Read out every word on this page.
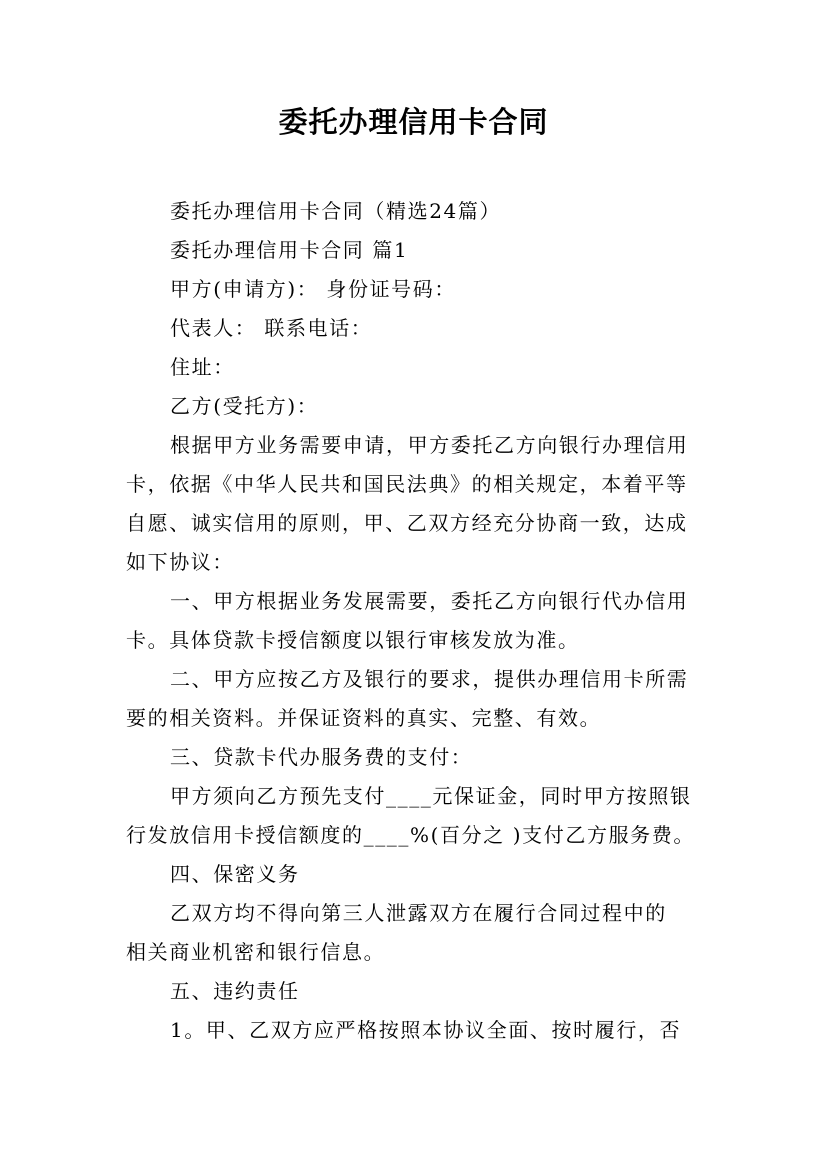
委托办理信用卡合同
委托办理信用卡合同（精选24篇）
委托办理信用卡合同 篇1
甲方(申请方)： 身份证号码：
代表人： 联系电话：
住址：
乙方(受托方)：
根据甲方业务需要申请，甲方委托乙方向银行办理信用
卡，依据《中华人民共和国民法典》的相关规定，本着平等
自愿、诚实信用的原则，甲、乙双方经充分协商一致，达成
如下协议：
一、甲方根据业务发展需要，委托乙方向银行代办信用
卡。具体贷款卡授信额度以银行审核发放为准。
二、甲方应按乙方及银行的要求，提供办理信用卡所需
要的相关资料。并保证资料的真实、完整、有效。
三、贷款卡代办服务费的支付：
甲方须向乙方预先支付____元保证金，同时甲方按照银
行发放信用卡授信额度的____%(百分之 )支付乙方服务费。
四、保密义务
乙双方均不得向第三人泄露双方在履行合同过程中的
相关商业机密和银行信息。
五、违约责任
1。甲、乙双方应严格按照本协议全面、按时履行，否
